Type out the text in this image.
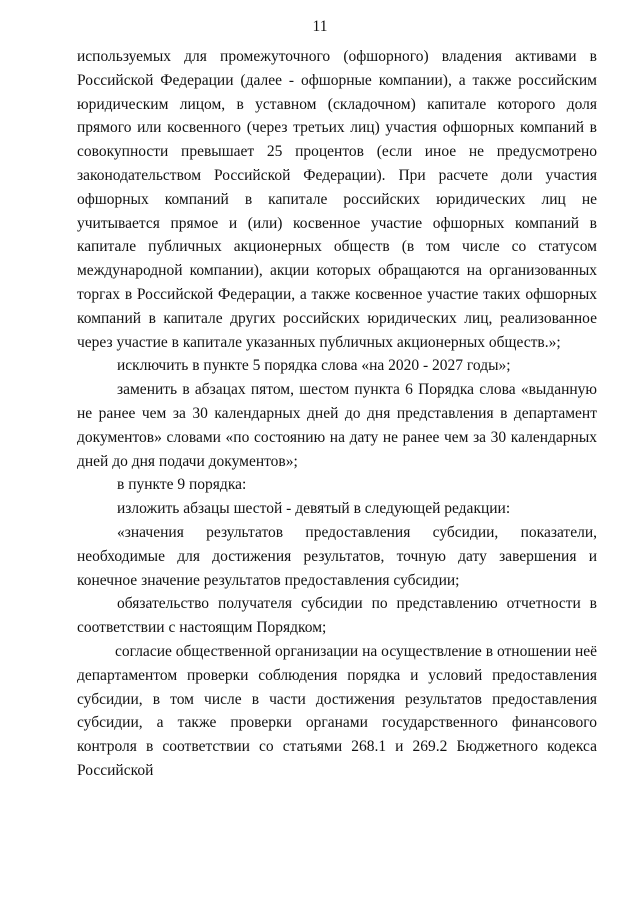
11

используемых для промежуточного (офшорного) владения активами в Российской Федерации (далее - офшорные компании), а также российским юридическим лицом, в уставном (складочном) капитале которого доля прямого или косвенного (через третьих лиц) участия офшорных компаний в совокупности превышает 25 процентов (если иное не предусмотрено законодательством Российской Федерации). При расчете доли участия офшорных компаний в капитале российских юридических лиц не учитывается прямое и (или) косвенное участие офшорных компаний в капитале публичных акционерных обществ (в том числе со статусом международной компании), акции которых обращаются на организованных торгах в Российской Федерации, а также косвенное участие таких офшорных компаний в капитале других российских юридических лиц, реализованное через участие в капитале указанных публичных акционерных обществ.»;

исключить в пункте 5 порядка слова «на 2020 - 2027 годы»;

заменить в абзацах пятом, шестом пункта 6 Порядка слова «выданную не ранее чем за 30 календарных дней до дня представления в департамент документов» словами «по состоянию на дату не ранее чем за 30 календарных дней до дня подачи документов»;

в пункте 9 порядка:

изложить абзацы шестой - девятый в следующей редакции:

«значения результатов предоставления субсидии, показатели, необходимые для достижения результатов, точную дату завершения и конечное значение результатов предоставления субсидии;

обязательство получателя субсидии по представлению отчетности в соответствии с настоящим Порядком;

согласие общественной организации на осуществление в отношении неё департаментом проверки соблюдения порядка и условий предоставления субсидии, в том числе в части достижения результатов предоставления субсидии, а также проверки органами государственного финансового контроля в соответствии со статьями 268.1 и 269.2 Бюджетного кодекса Российской
